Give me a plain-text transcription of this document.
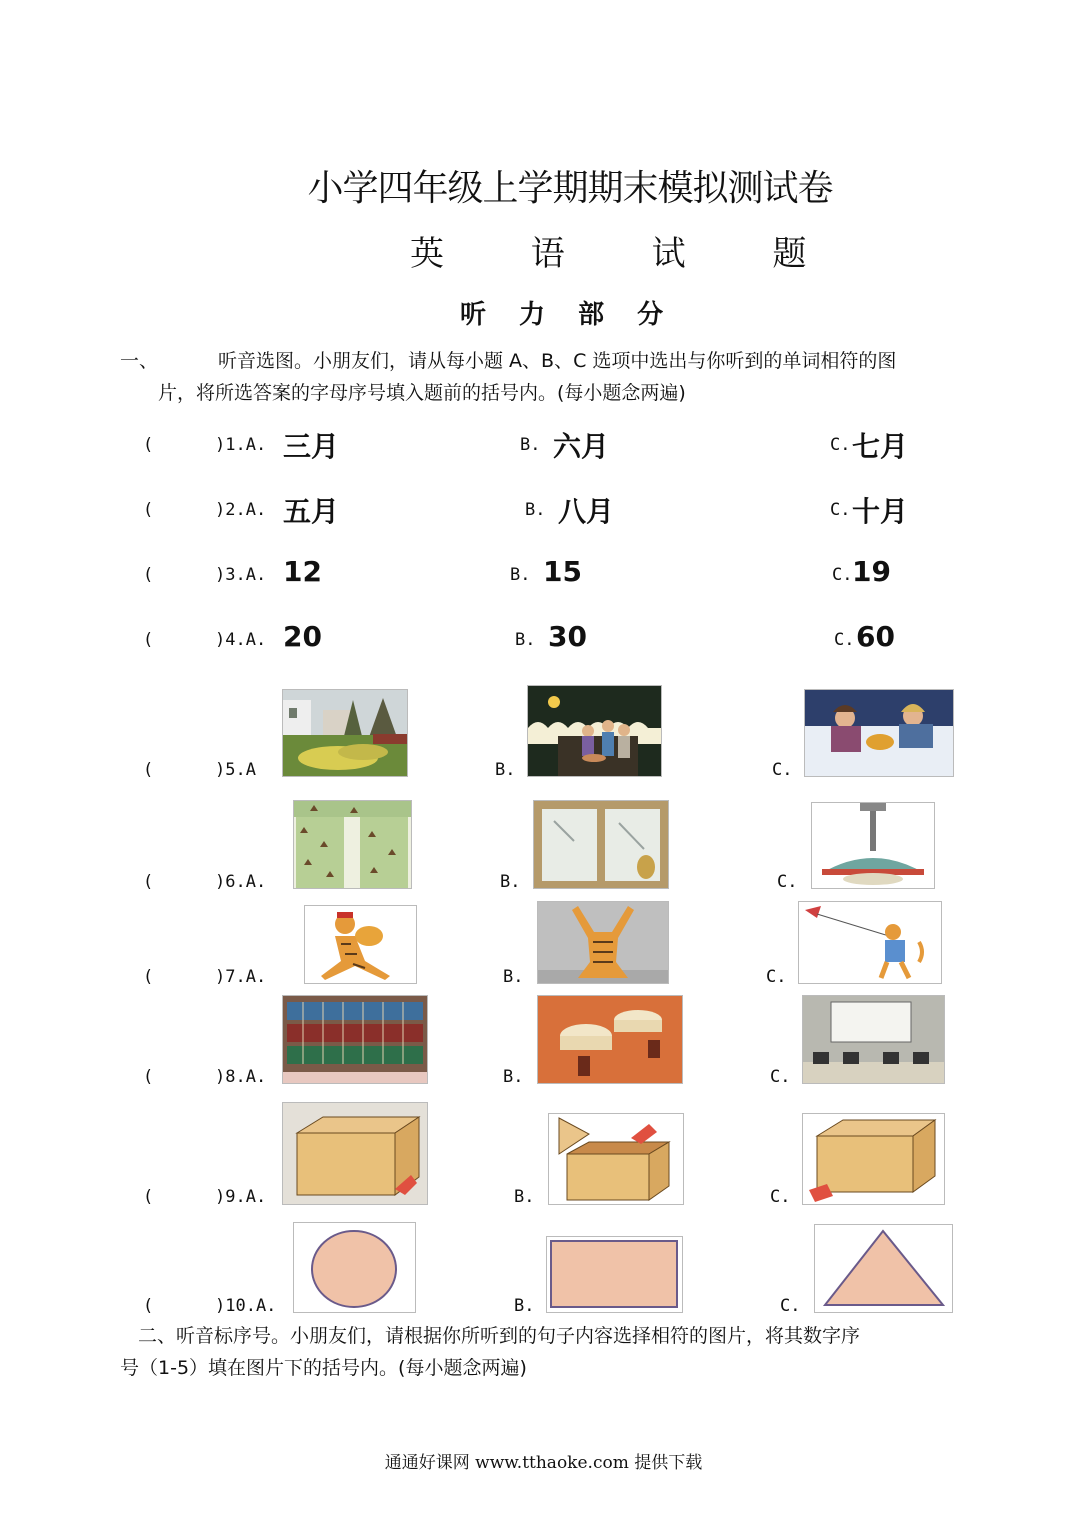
小学四年级上学期期末模拟测试卷
英 语 试 题
听 力 部 分
一、	听音选图。小朋友们，请从每小题 A、B、C 选项中选出与你听到的单词相符的图
片，将所选答案的字母序号填入题前的括号内。(每小题念两遍)
(	)1.A. 三月	B. 六月	C. 七月
(	)2.A. 五月	B. 八月	C. 十月
(	)3.A. 12	B. 15	C. 19
(	)4.A. 20	B. 30	C. 60
(	)5.A	B.	C.
(	)6.A.	B.	C.
(	)7.A.	B.	C.
(	)8.A.	B.	C.
(	)9.A.	B.	C.
(	)10.A.	B.	C.
二、听音标序号。小朋友们，请根据你所听到的句子内容选择相符的图片，将其数字序
号（1-5）填在图片下的括号内。(每小题念两遍)
通通好课网 www.tthaoke.com 提供下载
